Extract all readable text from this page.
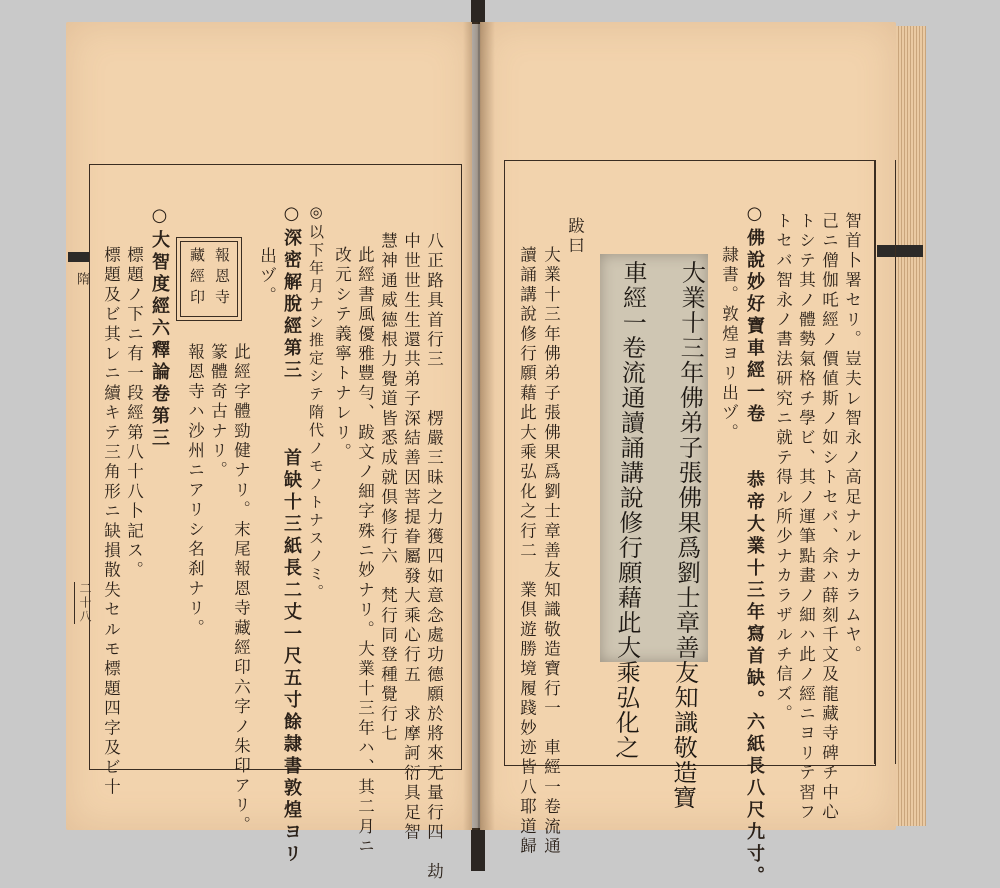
隋
二十八	八正路具首行三　　楞嚴三昧之力獲四如意念處功德願於將來无量行四　劫
中世世生生還共弟子深結善因菩提眷屬發大乘心行五　求摩訶衍具足智
慧神通威德根力覺道皆悉成就倶修行六　梵行同登種覺行七
此經書風優雅豐勻、跋文ノ細字殊ニ妙ナリ。大業十三年ハ、其二月ニ
改元シテ義寧トナレリ。
◎以下年月ナシ推定シテ隋代ノモノトナスノミ。
○深密解脫經第三　　　首缺十三紙長二丈一尺五寸餘隷書敦煌ヨリ
出ヅ。
此經字體勁健ナリ。末尾報恩寺藏經印六字ノ朱印アリ。
篆體奇古ナリ。
報恩寺ハ沙州ニアリシ名刹ナリ。
○大智度經六釋論卷第三
標題ノ下ニ有一段經第八十八卜記ス。
標題及ビ其レニ續キテ三角形ニ缺損散失セルモ標題四字及ビ十	報恩寺
藏經印	智首卜署セリ。豈夫レ智永ノ高足ナルナカラムヤ。
己ニ僧伽吒經ノ價値斯ノ如シトセバ、余ハ薛刻千文及龍藏寺碑チ中心
トシテ其ノ體勢氣格チ學ビ、其ノ運筆點畫ノ細ハ此ノ經ニヨリテ習フ
トセバ智永ノ書法研究ニ就テ得ル所少ナカラザルチ信ズ。
○佛說妙好寶車經一卷　　恭帝大業十三年寫首缺。六紙長八尺九寸。
隷書。敦煌ヨリ出ヅ。
跋曰
大業十三年佛弟子張佛果爲劉士章善友知識敬造寶行一　車經一卷流通
讀誦講說修行願藉此大乘弘化之行二　業倶遊勝境履踐妙迹皆八耶道歸	大業十三年佛弟子張佛果爲劉士章善友知識敬造寶
車經一卷流通讀誦講說修行願藉此大乘弘化之
